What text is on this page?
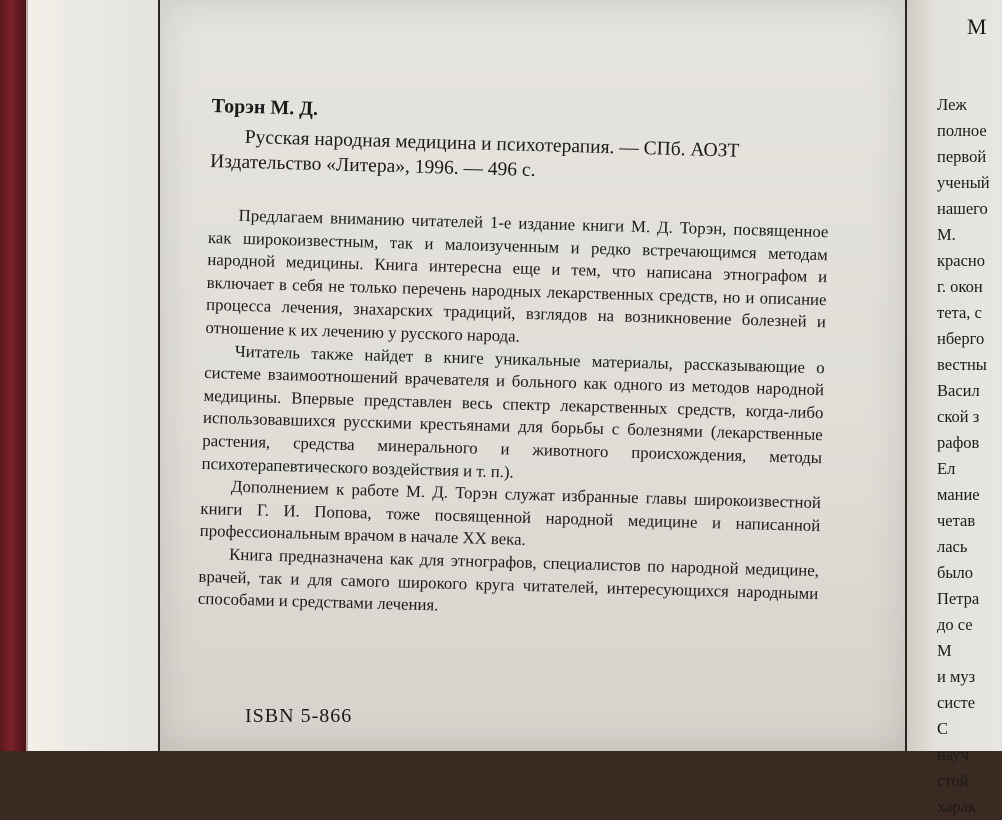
Торэн М. Д.

Русская народная медицина и психотерапия. — СПб. АОЗТ Издательство «Литера», 1996. — 496 с.

Предлагаем вниманию читателей 1-е издание книги М. Д. Торэн, посвященное как широкоизвестным, так и малоизученным и редко встречающимся методам народной медицины. Книга интересна еще и тем, что написана этнографом и включает в себя не только перечень народных лекарственных средств, но и описание процесса лечения, знахарских традиций, взглядов на возникновение болезней и отношение к их лечению у русского народа.

Читатель также найдет в книге уникальные материалы, рассказывающие о системе взаимоотношений врачевателя и больного как одного из методов народной медицины. Впервые представлен весь спектр лекарственных средств, когда-либо использовавшихся русскими крестьянами для борьбы с болезнями (лекарственные растения, средства минерального и животного происхождения, методы психотерапевтического воздействия и т. п.).

Дополнением к работе М. Д. Торэн служат избранные главы широкоизвестной книги Г. И. Попова, тоже посвященной народной медицине и написанной профессиональным врачом в начале XX века.

Книга предназначена как для этнографов, специалистов по народной медицине, врачей, так и для самого широкого круга читателей, интересующихся народными способами и средствами лечения.

ISBN 5-866
М
Леж
полное
первой
ученый
нашего
М.
красно
г. окон
тета, с
нберго
вестны
Васил
ской з
рафов
Ел
мание
четав
лась
было
Петра
до се
М
и муз
систе
С
науч
стой
харак
